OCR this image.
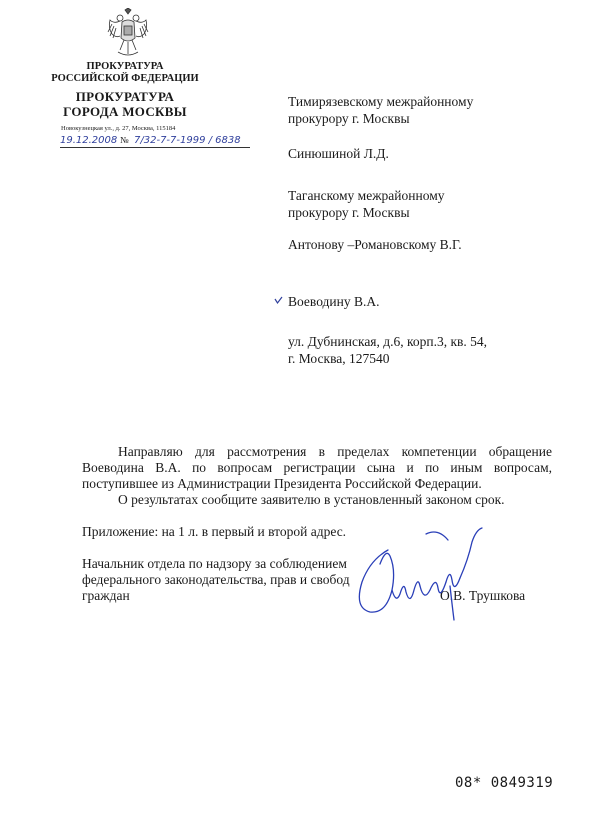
ПРОКУРАТУРА
РОССИЙСКОЙ ФЕДЕРАЦИИ
ПРОКУРАТУРА
ГОРОДА МОСКВЫ
Новокузнецкая ул., д. 27, Москва, 115184
19.12.2008 № 7/32-7-7-1999 / 6838
Тимирязевскому межрайонному
прокурору г. Москвы
Синюшиной Л.Д.
Таганскому межрайонному
прокурору г. Москвы
Антонову –Романовскому В.Г.
Воеводину В.А.
ул. Дубнинская, д.6, корп.3, кв. 54,
г. Москва, 127540
Направляю для рассмотрения в пределах компетенции обращение
Воеводина В.А. по вопросам регистрации сына и по иным вопросам,
поступившее из Администрации Президента Российской Федерации.
О результатах сообщите заявителю в установленный законом срок.
Приложение: на 1 л. в первый и второй адрес.
Начальник отдела по надзору за соблюдением
федерального законодательства, прав и свобод
граждан	О.В. Трушкова
08* 0849319
